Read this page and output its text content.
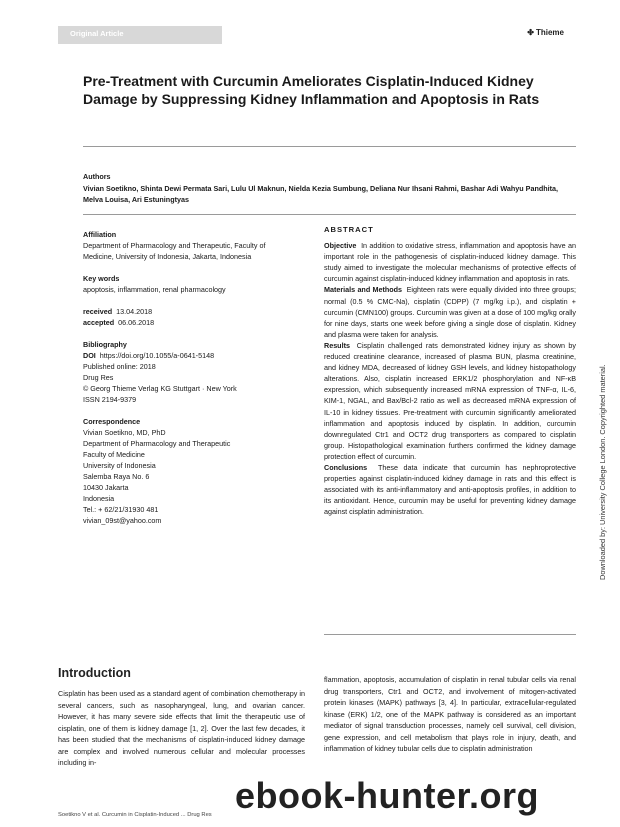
Original Article	✤ Thieme
Pre-Treatment with Curcumin Ameliorates Cisplatin-Induced Kidney Damage by Suppressing Kidney Inflammation and Apoptosis in Rats
Authors
Vivian Soetikno, Shinta Dewi Permata Sari, Lulu Ul Maknun, Nielda Kezia Sumbung, Deliana Nur Ihsani Rahmi, Bashar Adi Wahyu Pandhita, Melva Louisa, Ari Estuningtyas
Affiliation
Department of Pharmacology and Therapeutic, Faculty of Medicine, University of Indonesia, Jakarta, Indonesia
Key words
apoptosis, inflammation, renal pharmacology
received 13.04.2018
accepted 06.06.2018
Bibliography
DOI https://doi.org/10.1055/a-0641-5148
Published online: 2018
Drug Res
© Georg Thieme Verlag KG Stuttgart · New York
ISSN 2194-9379
Correspondence
Vivian Soetikno, MD, PhD
Department of Pharmacology and Therapeutic
Faculty of Medicine
University of Indonesia
Salemba Raya No. 6
10430 Jakarta
Indonesia
Tel.: + 62/21/31930 481
vivian_09st@yahoo.com
ABSTRACT

Objective In addition to oxidative stress, inflammation and apoptosis have an important role in the pathogenesis of cisplatin-induced kidney damage. This study aimed to investigate the molecular mechanisms of protective effects of curcumin against cisplatin-induced kidney inflammation and apoptosis in rats.

Materials and Methods Eighteen rats were equally divided into three groups; normal (0.5 % CMC-Na), cisplatin (CDPP) (7 mg/kg i.p.), and cisplatin + curcumin (CMN100) groups. Curcumin was given at a dose of 100 mg/kg orally for nine days, starts one week before giving a single dose of cisplatin. Kidney and plasma were taken for analysis.

Results Cisplatin challenged rats demonstrated kidney injury as shown by reduced creatinine clearance, increased of plasma BUN, plasma creatinine, and kidney MDA, decreased of kidney GSH levels, and kidney histopathology alterations. Also, cisplatin increased ERK1/2 phosphorylation and NF-κB expression, which subsequently increased mRNA expression of TNF-α, IL-6, KIM-1, NGAL, and Bax/Bcl-2 ratio as well as decreased mRNA expression of IL-10 in kidney tissues. Pre-treatment with curcumin significantly ameliorated inflammation and apoptosis induced by cisplatin. In addition, curcumin downregulated Ctr1 and OCT2 drug transporters as compared to cisplatin group. Histopathological examination furthers confirmed the kidney damage protection effect of curcumin.

Conclusions These data indicate that curcumin has nephroprotective properties against cisplatin-induced kidney damage in rats and this effect is associated with its anti-inflammatory and anti-apoptosis profiles, in addition to its antioxidant. Hence, curcumin may be useful for preventing kidney damage against cisplatin administration.

Introduction
Cisplatin has been used as a standard agent of combination chemotherapy in several cancers, such as nasopharyngeal, lung, and ovarian cancer. However, it has many severe side effects that limit the therapeutic use of cisplatin, one of them is kidney damage [1, 2]. Over the last few decades, it has been studied that the mechanisms of cisplatin-induced kidney damage are complex and involved numerous cellular and molecular processes including in-
flammation, apoptosis, accumulation of cisplatin in renal tubular cells via renal drug transporters, Ctr1 and OCT2, and involvement of mitogen-activated protein kinases (MAPK) pathways [3, 4]. In particular, extracellular-regulated kinase (ERK) 1/2, one of the MAPK pathway is considered as an important mediator of signal transduction processes, namely cell survival, cell division, gene expression, and cell metabolism that plays role in injury, death, and inflammation of kidney tubular cells due to cisplatin administration
Downloaded by: University College London. Copyrighted material.
Soetikno V et al. Curcumin in Cisplatin-Induced ... Drug Res ebook-hunter.org
